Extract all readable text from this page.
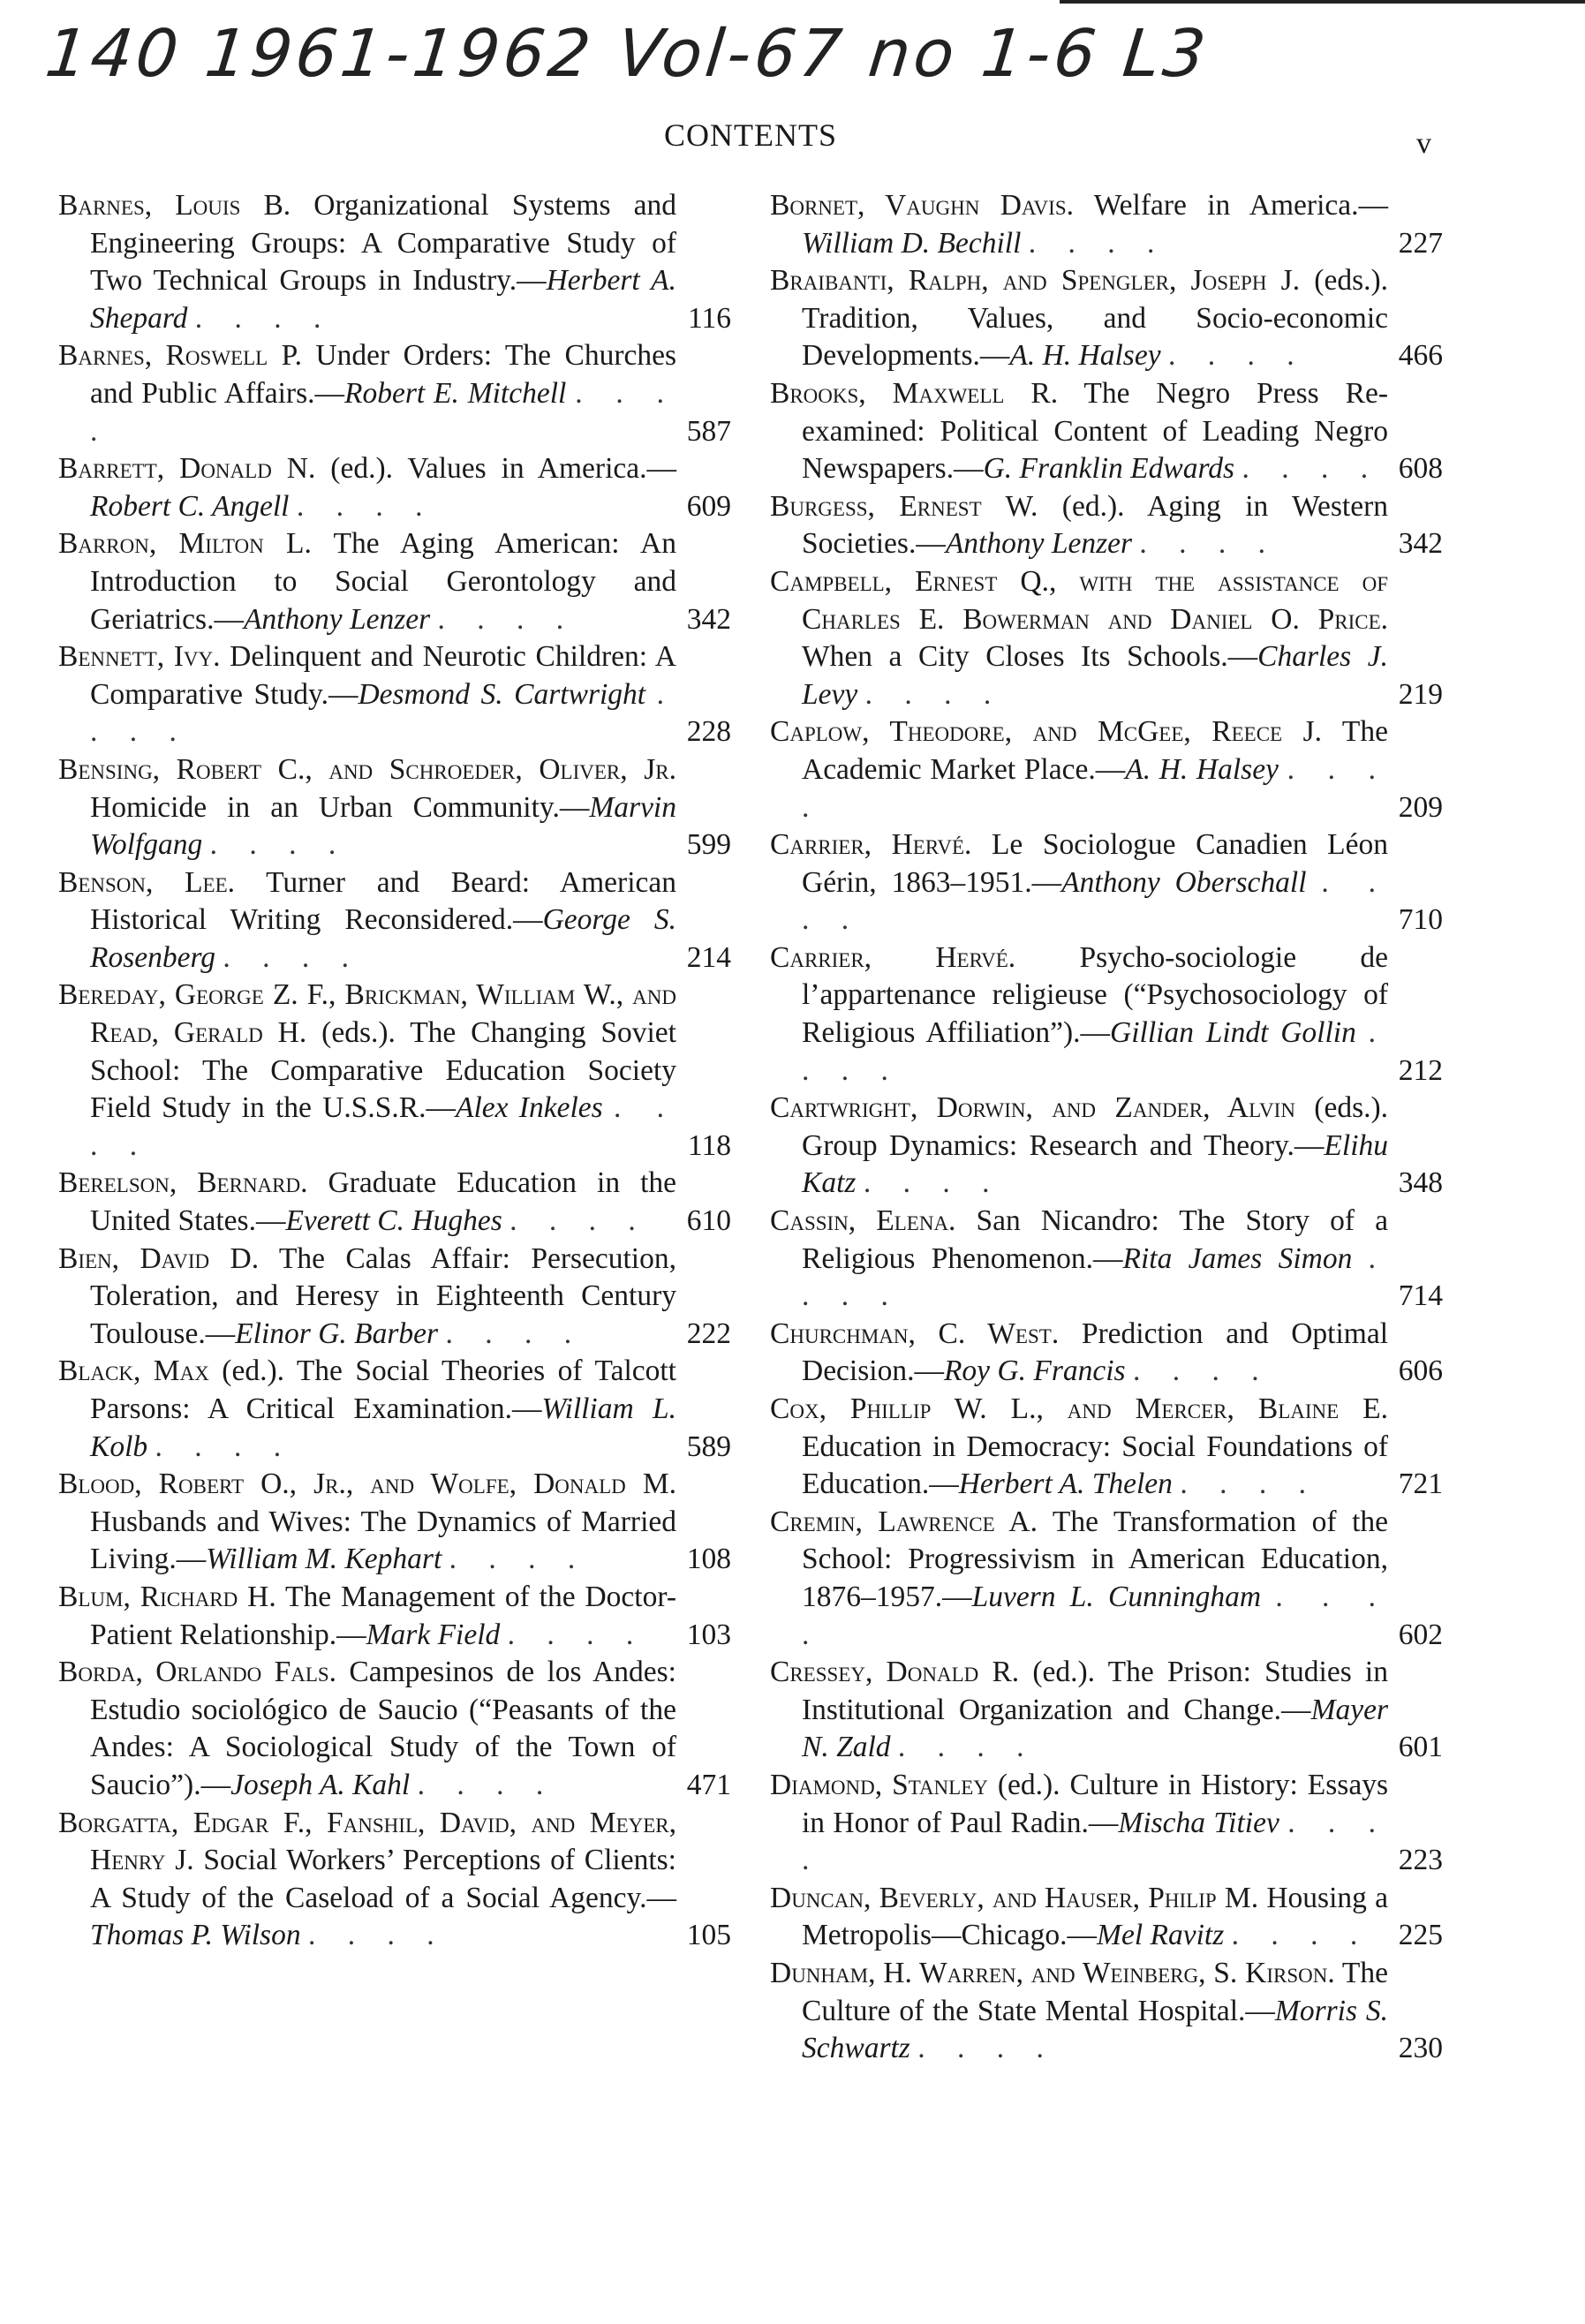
140 1961-1962 Vol-67 no 1-6 L3
CONTENTS	v
Barnes, Louis B. Organizational Systems and Engineering Groups: A Comparative Study of Two Technical Groups in Industry.—Herbert A. Shepard . . . .	116
Barnes, Roswell P. Under Orders: The Churches and Public Affairs.—Robert E. Mitchell . . . .	587
Barrett, Donald N. (ed.). Values in America.—Robert C. Angell . . . .	609
Barron, Milton L. The Aging American: An Introduction to Social Gerontology and Geriatrics.—Anthony Lenzer . . . .	342
Bennett, Ivy. Delinquent and Neurotic Children: A Comparative Study.—Desmond S. Cartwright . . . .	228
Bensing, Robert C., and Schroeder, Oliver, Jr. Homicide in an Urban Community.—Marvin Wolfgang . . . .	599
Benson, Lee. Turner and Beard: American Historical Writing Reconsidered.—George S. Rosenberg . . . .	214
Bereday, George Z. F., Brickman, William W., and Read, Gerald H. (eds.). The Changing Soviet School: The Comparative Education Society Field Study in the U.S.S.R.—Alex Inkeles . . . .	118
Berelson, Bernard. Graduate Education in the United States.—Everett C. Hughes . . . .	610
Bien, David D. The Calas Affair: Persecution, Toleration, and Heresy in Eighteenth Century Toulouse.—Elinor G. Barber . . . .	222
Black, Max (ed.). The Social Theories of Talcott Parsons: A Critical Examination.—William L. Kolb . . . .	589
Blood, Robert O., Jr., and Wolfe, Donald M. Husbands and Wives: The Dynamics of Married Living.—William M. Kephart . . . .	108
Blum, Richard H. The Management of the Doctor-Patient Relationship.—Mark Field . . . .	103
Borda, Orlando Fals. Campesinos de los Andes: Estudio sociológico de Saucio (“Peasants of the Andes: A Sociological Study of the Town of Saucio”).—Joseph A. Kahl . . . .	471
Borgatta, Edgar F., Fanshil, David, and Meyer, Henry J. Social Workers’ Perceptions of Clients: A Study of the Caseload of a Social Agency.—Thomas P. Wilson . . . .	105
Bornet, Vaughn Davis. Welfare in America.—William D. Bechill . . . .	227
Braibanti, Ralph, and Spengler, Joseph J. (eds.). Tradition, Values, and Socio-economic Developments.—A. H. Halsey . . . .	466
Brooks, Maxwell R. The Negro Press Re-examined: Political Content of Leading Negro Newspapers.—G. Franklin Edwards . . . . 608
Burgess, Ernest W. (ed.). Aging in Western Societies.—Anthony Lenzer . . . .	342
Campbell, Ernest Q., with the assistance of Charles E. Bowerman and Daniel O. Price. When a City Closes Its Schools.—Charles J. Levy . . . .	219
Caplow, Theodore, and McGee, Reece J. The Academic Market Place.—A. H. Halsey . . . .	209
Carrier, Hervé. Le Sociologue Canadien Léon Gérin, 1863–1951.—Anthony Oberschall . . . .	710
Carrier, Hervé. Psycho-sociologie de l’appartenance religieuse (“Psychosociology of Religious Affiliation”).—Gillian Lindt Gollin . . . .	212
Cartwright, Dorwin, and Zander, Alvin (eds.). Group Dynamics: Research and Theory.—Elihu Katz . . . .	348
Cassin, Elena. San Nicandro: The Story of a Religious Phenomenon.—Rita James Simon . . . .	714
Churchman, C. West. Prediction and Optimal Decision.—Roy G. Francis . . . .	606
Cox, Phillip W. L., and Mercer, Blaine E. Education in Democracy: Social Foundations of Education.—Herbert A. Thelen . . . .	721
Cremin, Lawrence A. The Transformation of the School: Progressivism in American Education, 1876–1957.—Luvern L. Cunningham . . . .	602
Cressey, Donald R. (ed.). The Prison: Studies in Institutional Organization and Change.—Mayer N. Zald . . . .	601
Diamond, Stanley (ed.). Culture in History: Essays in Honor of Paul Radin.—Mischa Titiev . . . .	223
Duncan, Beverly, and Hauser, Philip M. Housing a Metropolis—Chicago.—Mel Ravitz . . . . 225
Dunham, H. Warren, and Weinberg, S. Kirson. The Culture of the State Mental Hospital.—Morris S. Schwartz . . . .	230
